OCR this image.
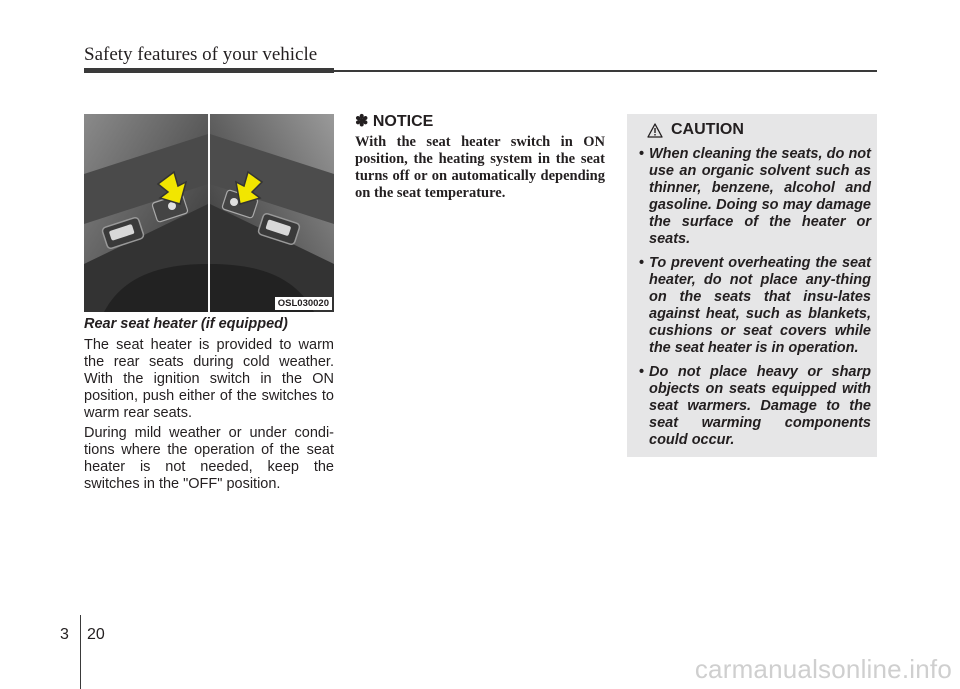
Safety features of your vehicle
OSL030020
Rear seat heater (if equipped)

The seat heater is provided to warm the rear seats during cold weather. With the ignition switch in the ON position, push either of the switches to warm rear seats.

During mild weather or under condi-tions where the operation of the seat heater is not needed, keep the switches in the "OFF" position.

✽ NOTICE

With the seat heater switch in ON position, the heating system in the seat turns off or on automatically depending on the seat temperature.

CAUTION
• When cleaning the seats, do not use an organic solvent such as thinner, benzene, alcohol and gasoline. Doing so may damage the surface of the heater or seats.
• To prevent overheating the seat heater, do not place any-thing on the seats that insu-lates against heat, such as blankets, cushions or seat covers while the seat heater is in operation.
• Do not place heavy or sharp objects on seats equipped with seat warmers. Damage to the seat warming components could occur.
3 20
carmanualsonline.info
